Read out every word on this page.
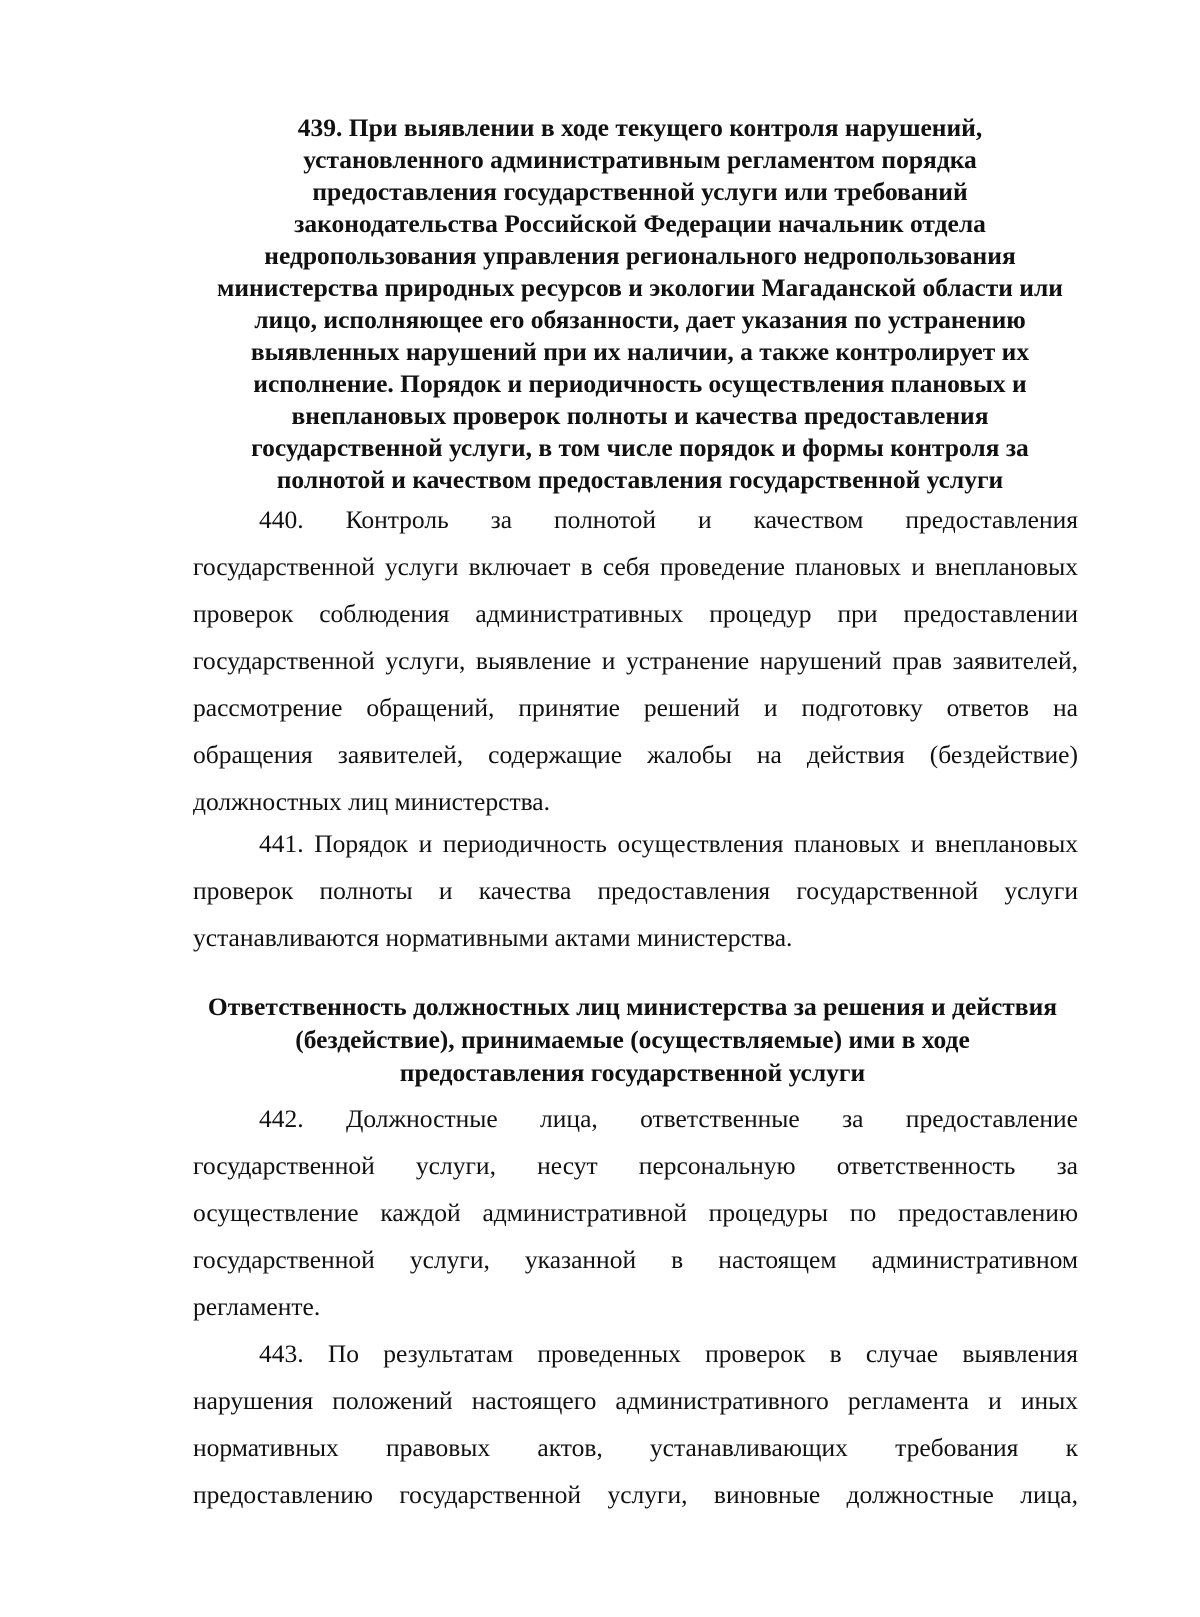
439. При выявлении в ходе текущего контроля нарушений,
установленного административным регламентом порядка
предоставления государственной услуги или требований
законодательства Российской Федерации начальник отдела
недропользования управления регионального недропользования
министерства природных ресурсов и экологии Магаданской области или
лицо, исполняющее его обязанности, дает указания по устранению
выявленных нарушений при их наличии, а также контролирует их
исполнение. Порядок и периодичность осуществления плановых и
внеплановых проверок полноты и качества предоставления
государственной услуги, в том числе порядок и формы контроля за
полнотой и качеством предоставления государственной услуги
440. Контроль за полнотой и качеством предоставления
государственной услуги включает в себя проведение плановых и внеплановых
проверок соблюдения административных процедур при предоставлении
государственной услуги, выявление и устранение нарушений прав заявителей,
рассмотрение обращений, принятие решений и подготовку ответов на
обращения заявителей, содержащие жалобы на действия (бездействие)
должностных лиц министерства.
441. Порядок и периодичность осуществления плановых и внеплановых
проверок полноты и качества предоставления государственной услуги
устанавливаются нормативными актами министерства.
Ответственность должностных лиц министерства за решения и действия
(бездействие), принимаемые (осуществляемые) ими в ходе
предоставления государственной услуги
442. Должностные лица, ответственные за предоставление
государственной услуги, несут персональную ответственность за
осуществление каждой административной процедуры по предоставлению
государственной услуги, указанной в настоящем административном
регламенте.
443. По результатам проведенных проверок в случае выявления
нарушения положений настоящего административного регламента и иных
нормативных правовых актов, устанавливающих требования к
предоставлению государственной услуги, виновные должностные лица,
